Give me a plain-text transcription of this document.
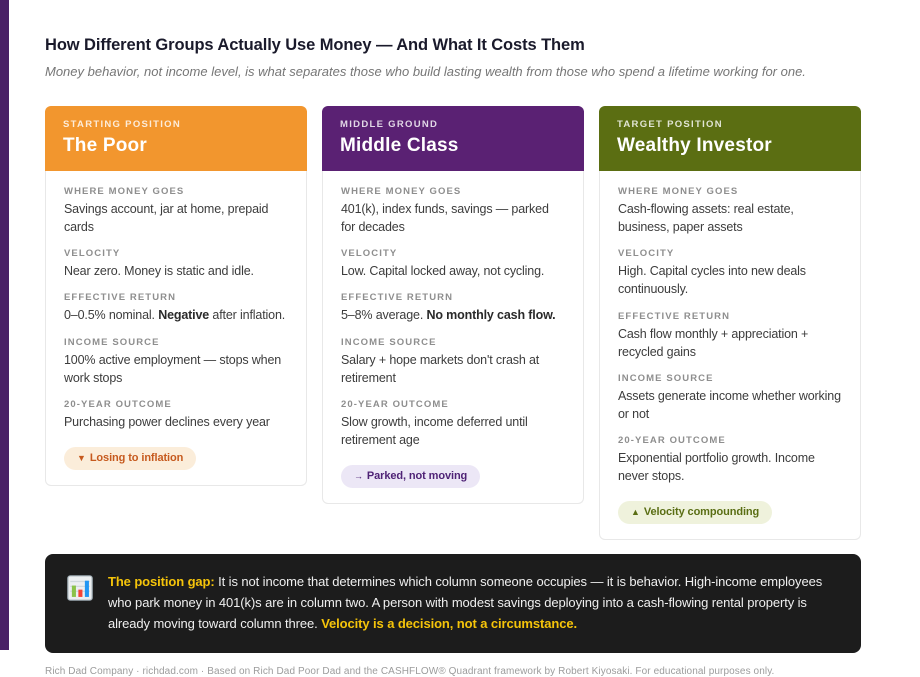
How Different Groups Actually Use Money — And What It Costs Them
Money behavior, not income level, is what separates those who build lasting wealth from those who spend a lifetime working for one.
STARTING POSITION
The Poor
WHERE MONEY GOES
Savings account, jar at home, prepaid cards
VELOCITY
Near zero. Money is static and idle.
EFFECTIVE RETURN
0–0.5% nominal. Negative after inflation.
INCOME SOURCE
100% active employment — stops when work stops
20-YEAR OUTCOME
Purchasing power declines every year
▼ Losing to inflation
MIDDLE GROUND
Middle Class
WHERE MONEY GOES
401(k), index funds, savings — parked for decades
VELOCITY
Low. Capital locked away, not cycling.
EFFECTIVE RETURN
5–8% average. No monthly cash flow.
INCOME SOURCE
Salary + hope markets don't crash at retirement
20-YEAR OUTCOME
Slow growth, income deferred until retirement age
→ Parked, not moving
TARGET POSITION
Wealthy Investor
WHERE MONEY GOES
Cash-flowing assets: real estate, business, paper assets
VELOCITY
High. Capital cycles into new deals continuously.
EFFECTIVE RETURN
Cash flow monthly + appreciation + recycled gains
INCOME SOURCE
Assets generate income whether working or not
20-YEAR OUTCOME
Exponential portfolio growth. Income never stops.
▲ Velocity compounding
The position gap: It is not income that determines which column someone occupies — it is behavior. High-income employees who park money in 401(k)s are in column two. A person with modest savings deploying into a cash-flowing rental property is already moving toward column three. Velocity is a decision, not a circumstance.
Rich Dad Company · richdad.com · Based on Rich Dad Poor Dad and the CASHFLOW® Quadrant framework by Robert Kiyosaki. For educational purposes only.
